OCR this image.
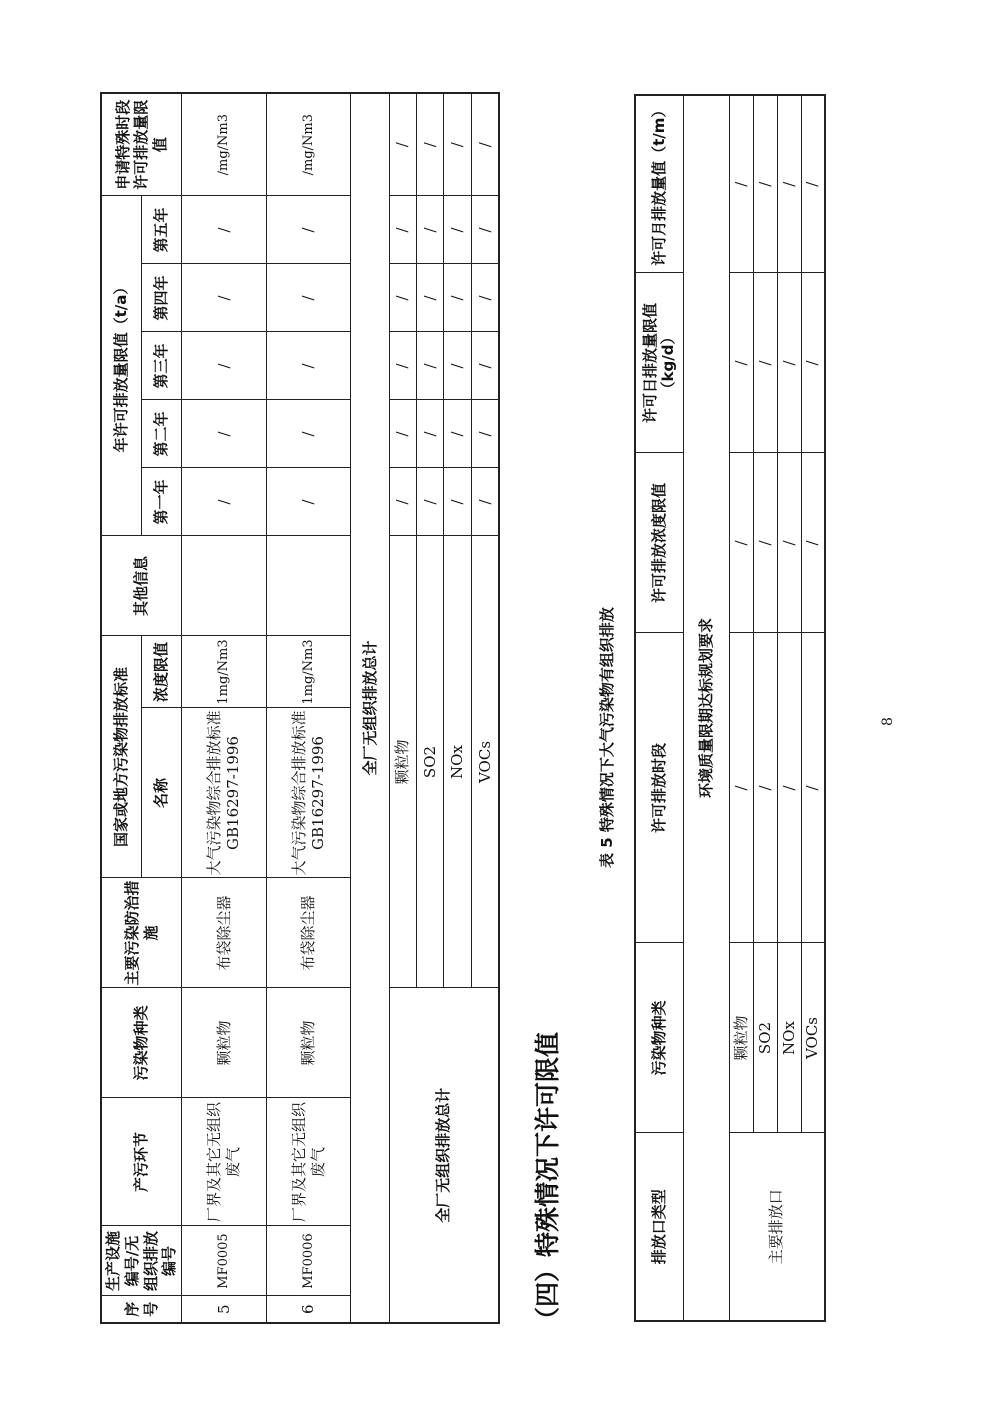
序号	生产设施编号/无组织排放编号	产污环节	污染物种类	主要污染防治措施	国家或地方污染物排放标准		其他信息	年许可排放量限值（t/a）					申请特殊时段许可排放量限值
					名称	浓度限值		第一年	第二年	第三年	第四年	第五年	
5	MF0005	厂界及其它无组织废气	颗粒物	布袋除尘器	大气污染物综合排放标准GB16297-1996	1mg/Nm3		/	/	/	/	/	/mg/Nm3
6	MF0006	厂界及其它无组织废气	颗粒物	布袋除尘器	大气污染物综合排放标准GB16297-1996	1mg/Nm3		/	/	/	/	/	/mg/Nm3
全厂无组织排放总计													
全厂无组织排放总计				颗粒物				/	/	/	/	/	/
				SO2				/	/	/	/	/	/
				NOx				/	/	/	/	/	/
				VOCs				/	/	/	/	/	/
（四）特殊情况下许可限值
表 5 特殊情况下大气污染物有组织排放
排放口类型	污染物种类	许可排放时段	许可排放浓度限值	许可日排放量限值（kg/d）	许可月排放量值（t/m）
环境质量限期达标规划要求					
主要排放口	颗粒物	/	/	/	/
	SO2	/	/	/	/
	NOx	/	/	/	/
	VOCs	/	/	/	/
8
